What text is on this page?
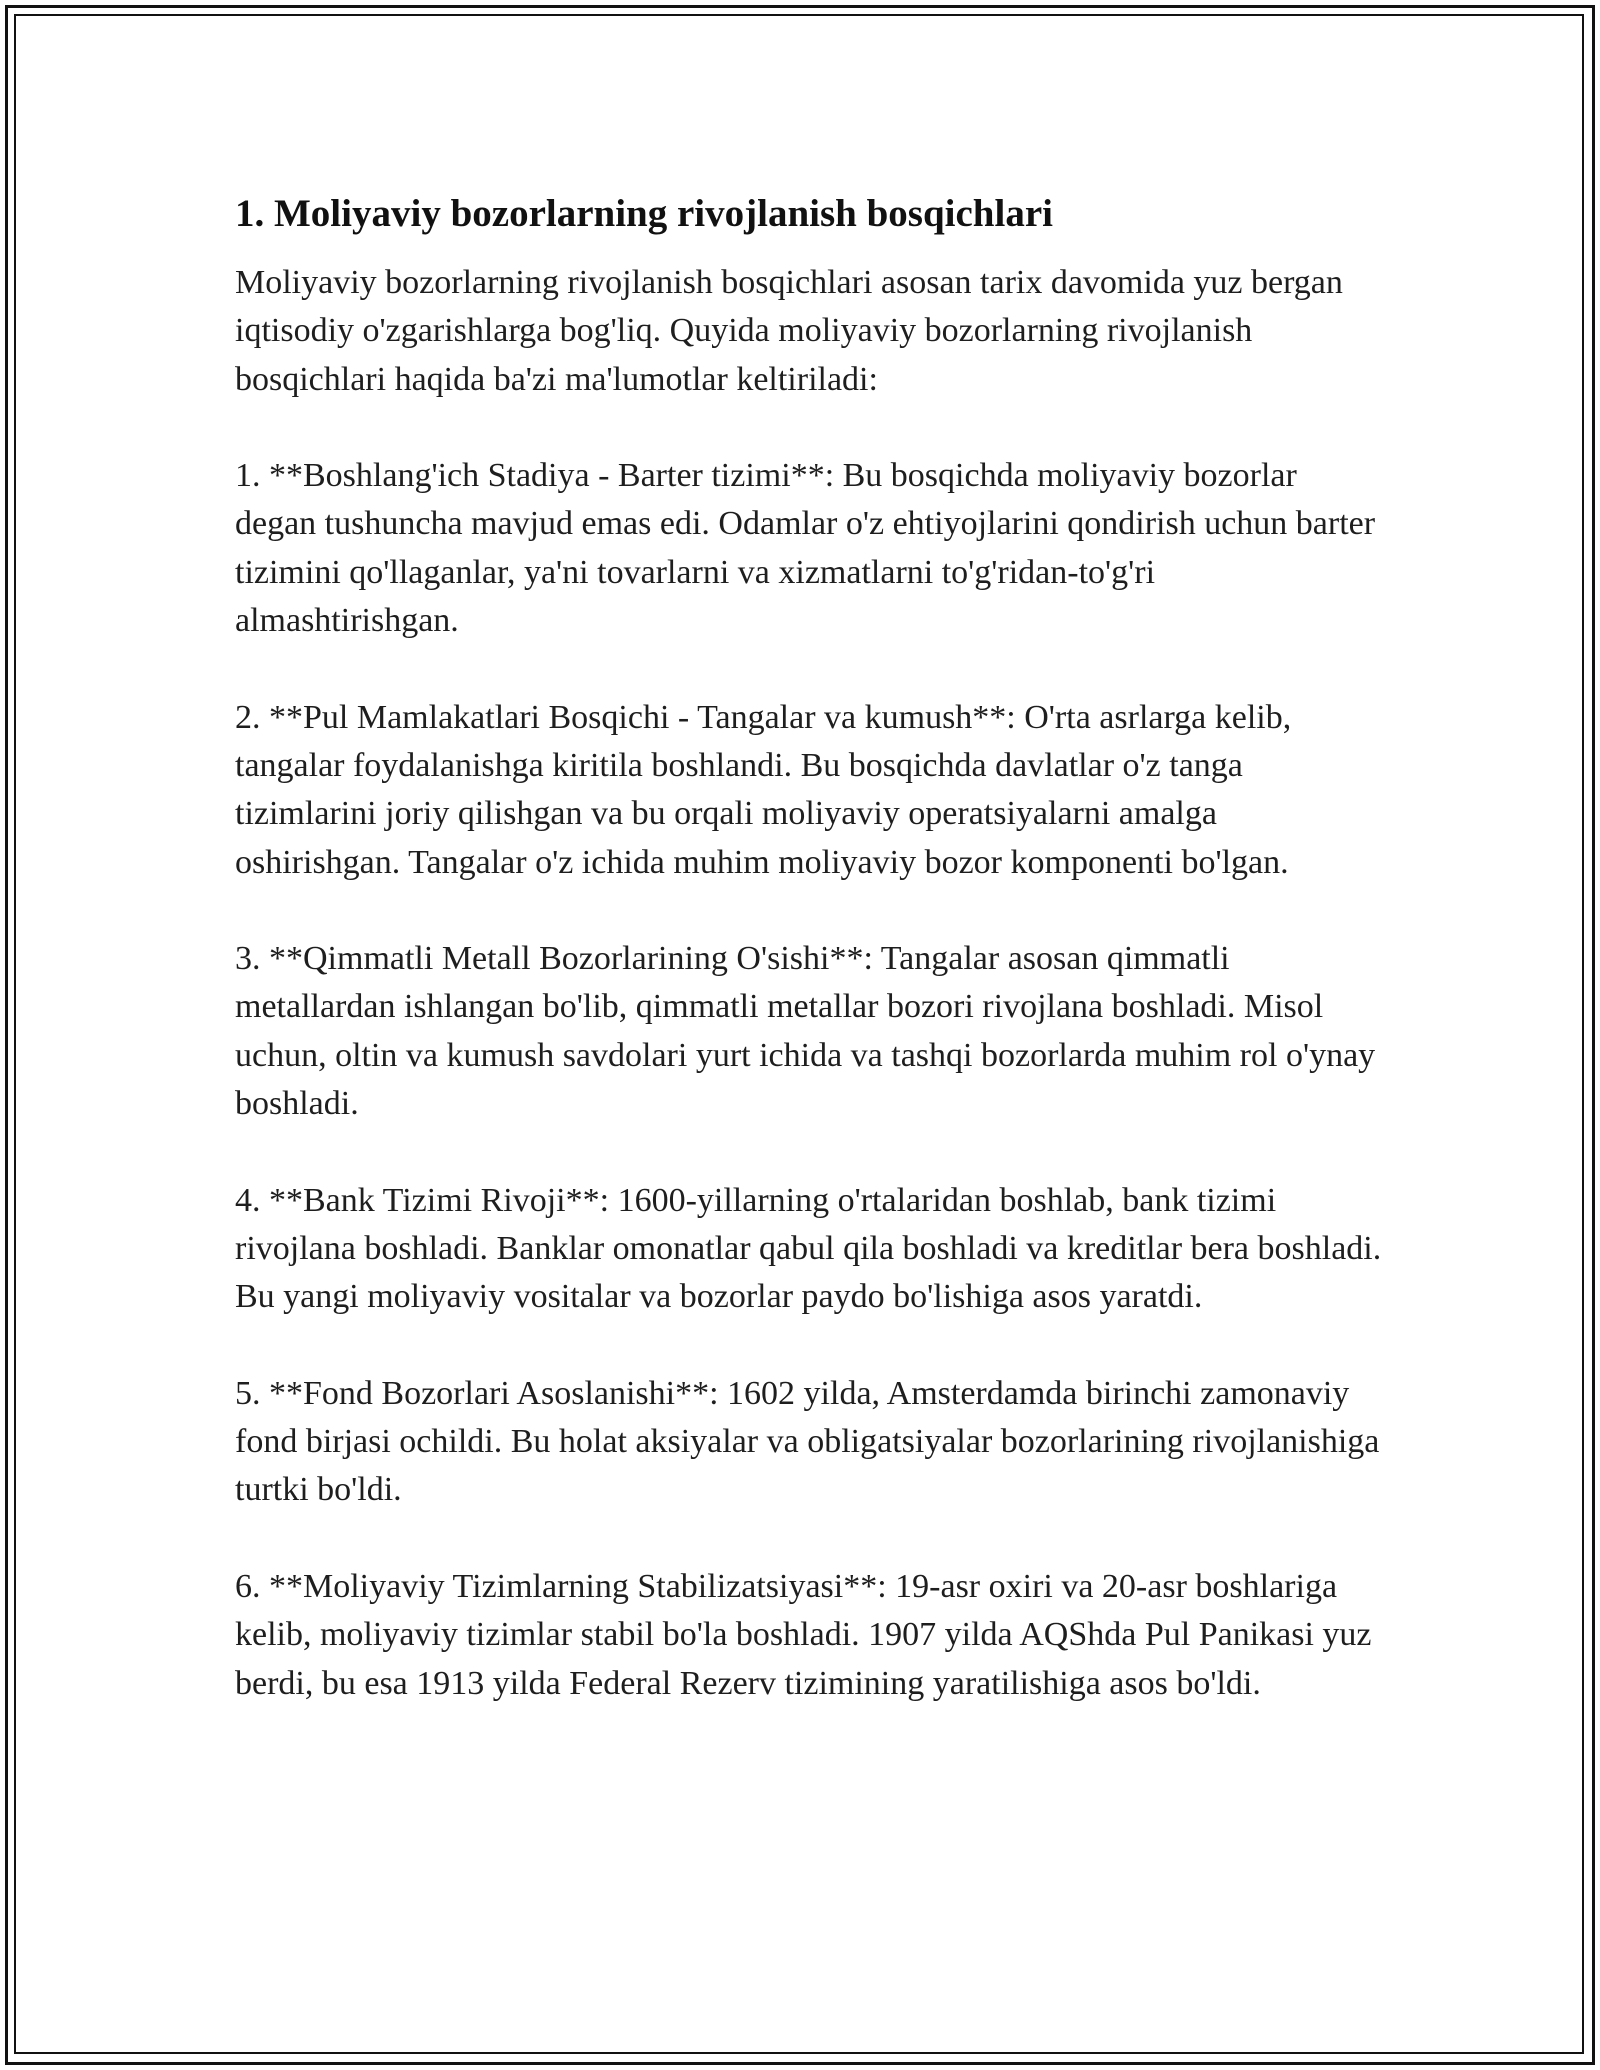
1. Moliyaviy bozorlarning rivojlanish bosqichlari

Moliyaviy bozorlarning rivojlanish bosqichlari asosan tarix davomida yuz bergan iqtisodiy o'zgarishlarga bog'liq. Quyida moliyaviy bozorlarning rivojlanish bosqichlari haqida ba'zi ma'lumotlar keltiriladi:

1. **Boshlang'ich Stadiya - Barter tizimi**: Bu bosqichda moliyaviy bozorlar degan tushuncha mavjud emas edi. Odamlar o'z ehtiyojlarini qondirish uchun barter tizimini qo'llaganlar, ya'ni tovarlarni va xizmatlarni to'g'ridan-to'g'ri almashtirishgan.

2. **Pul Mamlakatlari Bosqichi - Tangalar va kumush**: O'rta asrlarga kelib, tangalar foydalanishga kiritila boshlandi. Bu bosqichda davlatlar o'z tanga tizimlarini joriy qilishgan va bu orqali moliyaviy operatsiyalarni amalga oshirishgan. Tangalar o'z ichida muhim moliyaviy bozor komponenti bo'lgan.

3. **Qimmatli Metall Bozorlarining O'sishi**: Tangalar asosan qimmatli metallardan ishlangan bo'lib, qimmatli metallar bozori rivojlana boshladi. Misol uchun, oltin va kumush savdolari yurt ichida va tashqi bozorlarda muhim rol o'ynay boshladi.

4. **Bank Tizimi Rivoji**: 1600-yillarning o'rtalaridan boshlab, bank tizimi rivojlana boshladi. Banklar omonatlar qabul qila boshladi va kreditlar bera boshladi. Bu yangi moliyaviy vositalar va bozorlar paydo bo'lishiga asos yaratdi.

5. **Fond Bozorlari Asoslanishi**: 1602 yilda, Amsterdamda birinchi zamonaviy fond birjasi ochildi. Bu holat aksiyalar va obligatsiyalar bozorlarining rivojlanishiga turtki bo'ldi.

6. **Moliyaviy Tizimlarning Stabilizatsiyasi**: 19-asr oxiri va 20-asr boshlariga kelib, moliyaviy tizimlar stabil bo'la boshladi. 1907 yilda AQShda Pul Panikasi yuz berdi, bu esa 1913 yilda Federal Rezerv tizimining yaratilishiga asos bo'ldi.
